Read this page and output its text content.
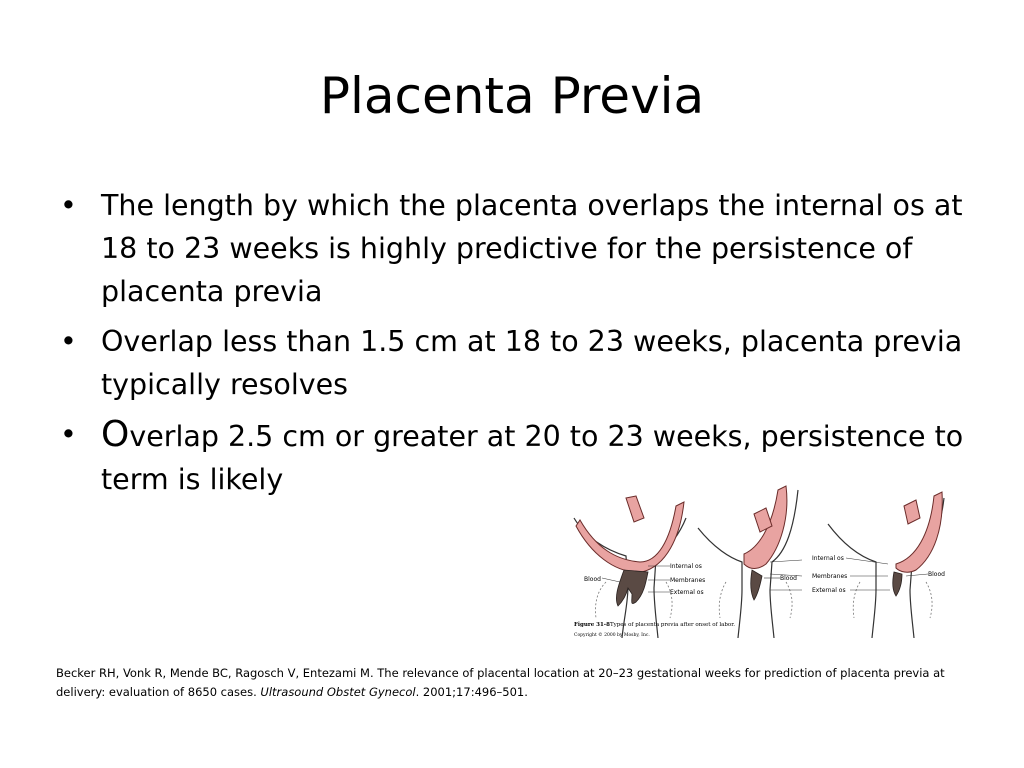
Placenta Previa
• The length by which the placenta overlaps the internal os at 18 to 23 weeks is highly predictive for the persistence of placenta previa
• Overlap less than 1.5 cm at 18 to 23 weeks, placenta previa typically resolves
• Overlap 2.5 cm or greater at 20 to 23 weeks, persistence to term is likely
Blood
Internal os
Membranes
External os
Blood
Internal os
Membranes
External os
Blood
Figure 31-8 Types of placenta previa after onset of labor.
Copyright © 2000 by Mosby, Inc.
Becker RH, Vonk R, Mende BC, Ragosch V, Entezami M. The relevance of placental location at 20–23 gestational weeks for prediction of placenta previa at delivery: evaluation of 8650 cases. Ultrasound Obstet Gynecol. 2001;17:496–501.
